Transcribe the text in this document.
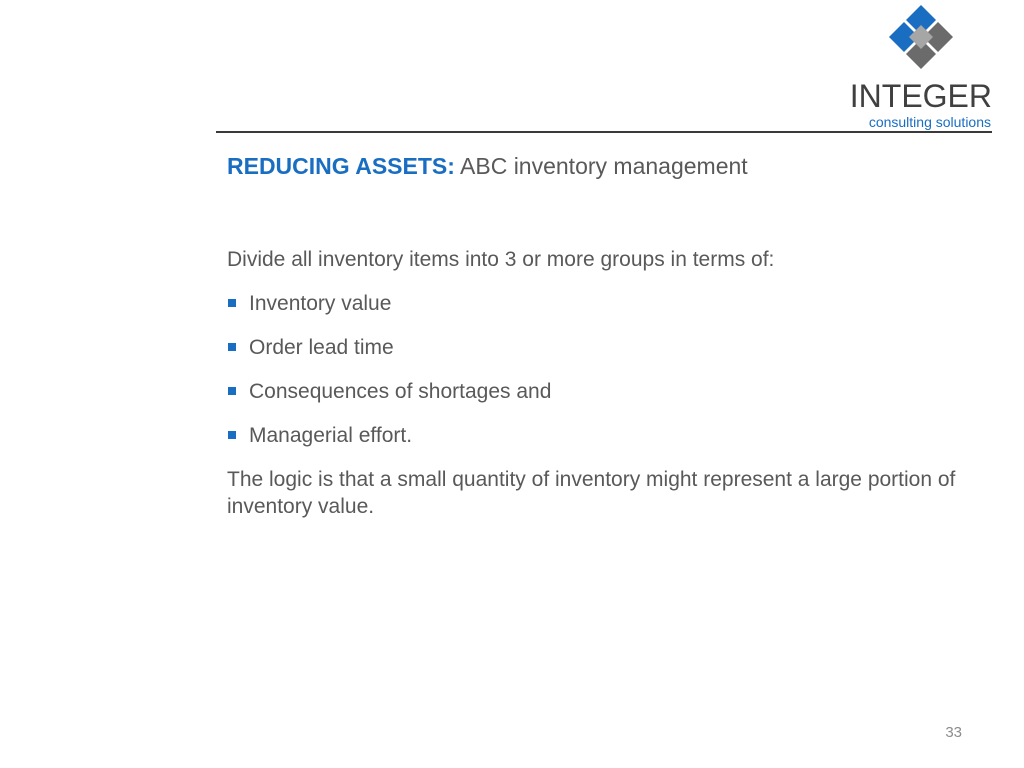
INTEGER
consulting solutions
REDUCING ASSETS: ABC inventory management

Divide all inventory items into 3 or more groups in terms of:

Inventory value
Order lead time
Consequences of shortages and
Managerial effort.

The logic is that a small quantity of inventory might represent a large portion of inventory value.

33
